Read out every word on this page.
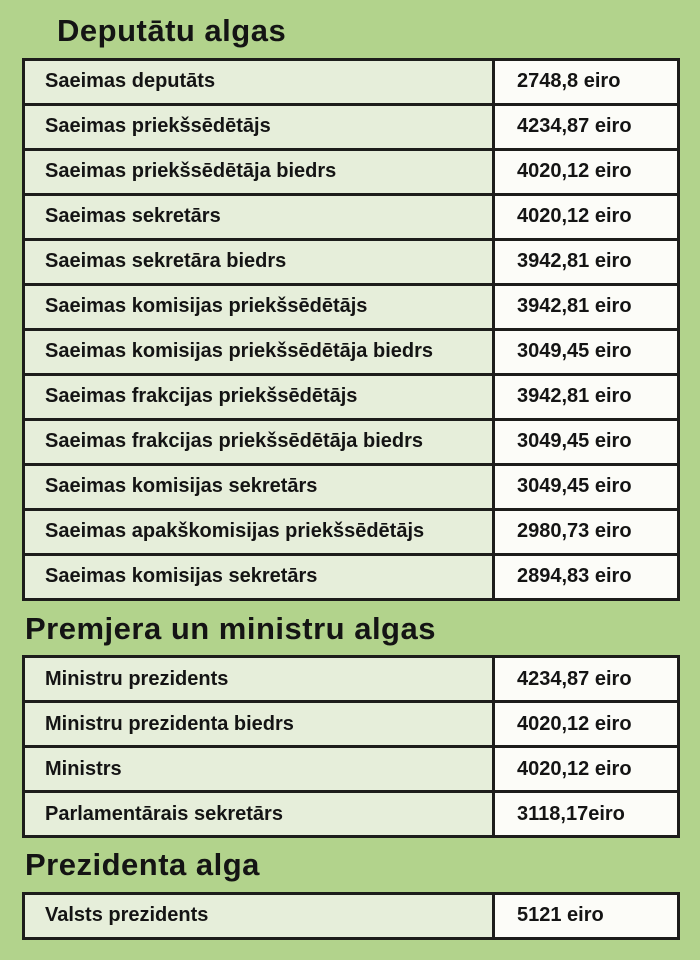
Deputātu algas
Saeimas deputāts	2748,8 eiro
Saeimas priekšsēdētājs	4234,87 eiro
Saeimas priekšsēdētāja biedrs	4020,12 eiro
Saeimas sekretārs	4020,12 eiro
Saeimas sekretāra biedrs	3942,81 eiro
Saeimas komisijas priekšsēdētājs	3942,81 eiro
Saeimas komisijas priekšsēdētāja biedrs	3049,45 eiro
Saeimas frakcijas priekšsēdētājs	3942,81 eiro
Saeimas frakcijas priekšsēdētāja biedrs	3049,45 eiro
Saeimas komisijas sekretārs	3049,45 eiro
Saeimas apakškomisijas priekšsēdētājs	2980,73 eiro
Saeimas komisijas sekretārs	2894,83 eiro
Premjera un ministru algas
Ministru prezidents	4234,87 eiro
Ministru prezidenta biedrs	4020,12 eiro
Ministrs	4020,12 eiro
Parlamentārais sekretārs	3118,17eiro
Prezidenta alga
Valsts prezidents	5121 eiro
